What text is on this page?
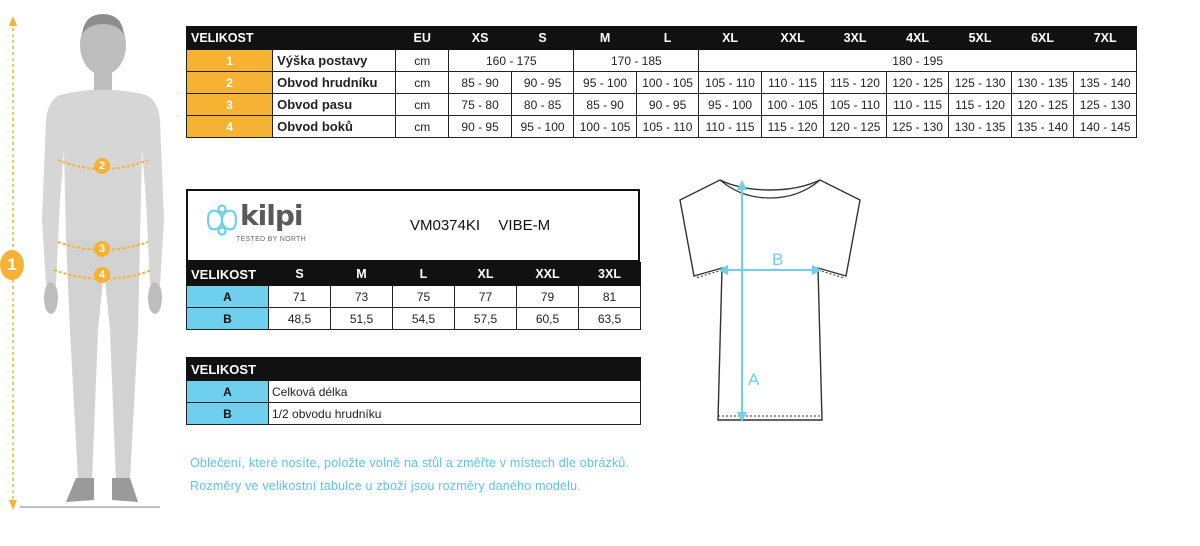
1
2
3
4
VELIKOST		EU	XS	S	M	L	XL	XXL	3XL	4XL	5XL	6XL	7XL
1	Výška postavy	cm	160 - 175		170 - 185		180 - 195						
2	Obvod hrudníku	cm	85 - 90	90 - 95	95 - 100	100 - 105	105 - 110	110 - 115	115 - 120	120 - 125	125 - 130	130 - 135	135 - 140
3	Obvod pasu	cm	75 - 80	80 - 85	85 - 90	90 - 95	95 - 100	100 - 105	105 - 110	110 - 115	115 - 120	120 - 125	125 - 130
4	Obvod boků	cm	90 - 95	95 - 100	100 - 105	105 - 110	110 - 115	115 - 120	120 - 125	125 - 130	130 - 135	135 - 140	140 - 145
kilpi
TESTED BY NORTH
VM0374KI VIBE-M
VELIKOST	S	M	L	XL	XXL	3XL
A	71	73	75	77	79	81
B	48,5	51,5	54,5	57,5	60,5	63,5
VELIKOST	
A	Celková délka
B	1/2 obvodu hrudníku
B
A
Oblečení, které nosíte, položte volně na stůl a změřte v místech dle obrázků.
Rozměry ve velikostní tabulce u zboží jsou rozměry daného modelu.
